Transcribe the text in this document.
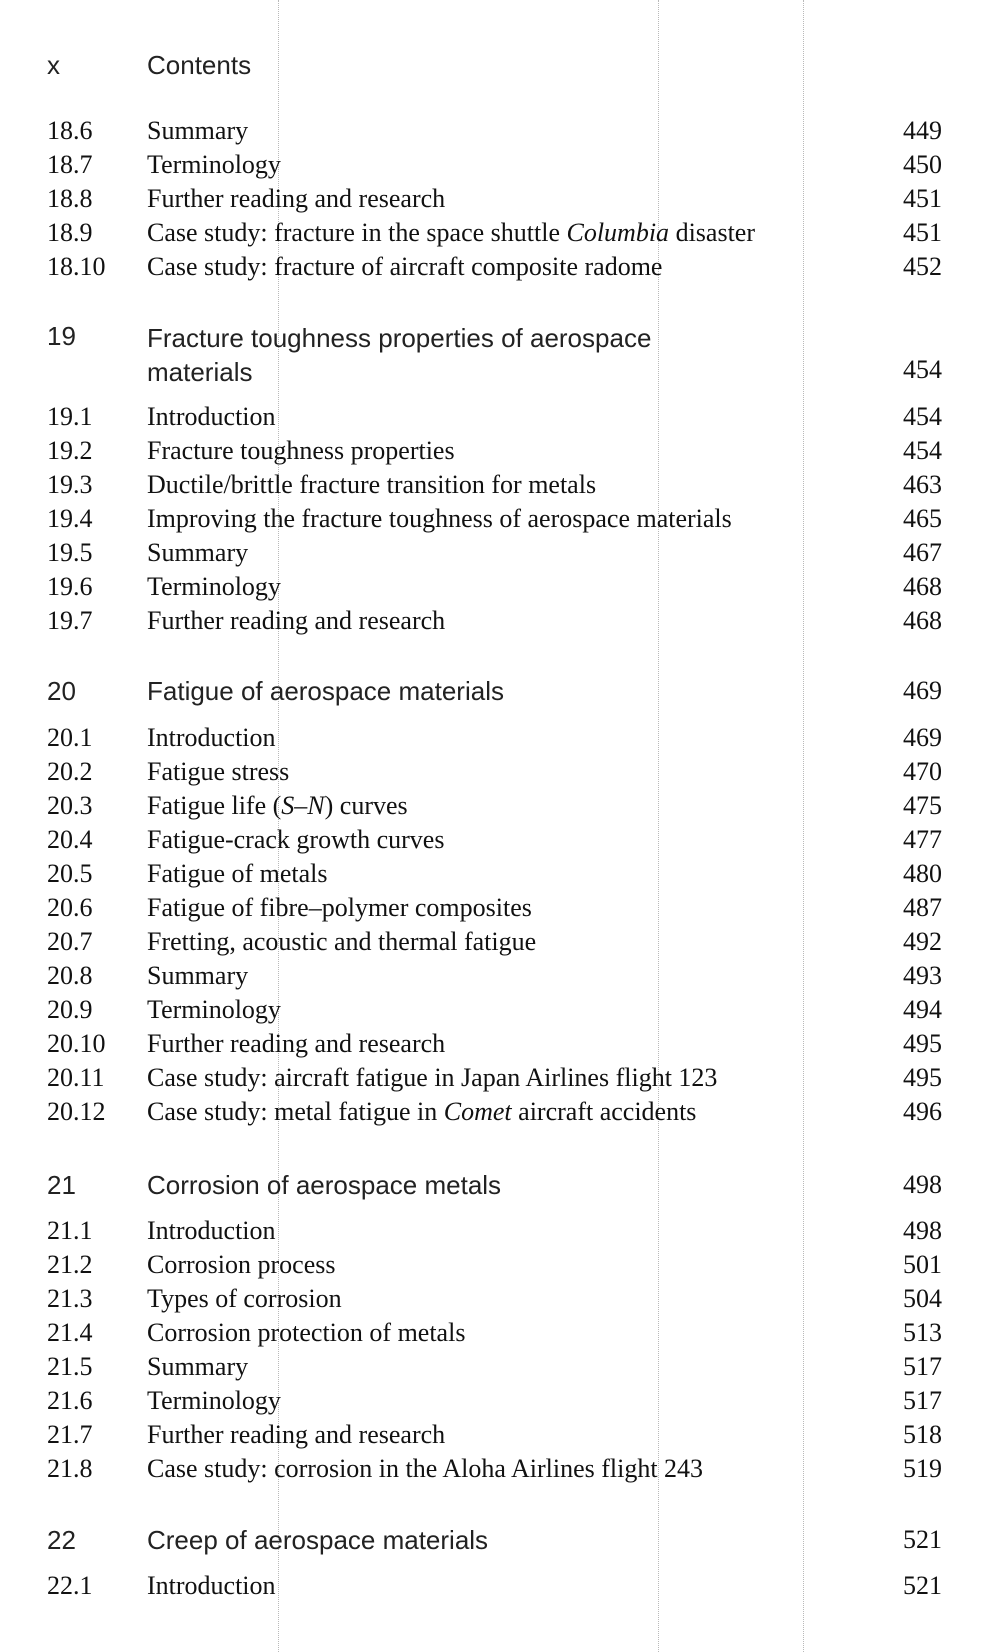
x	Contents
18.6 Summary	449
18.7 Terminology	450
18.8 Further reading and research	451
18.9 Case study: fracture in the space shuttle Columbia disaster	451
18.10 Case study: fracture of aircraft composite radome	452
19	Fracture toughness properties of aerospace
materials	454
19.1 Introduction	454
19.2 Fracture toughness properties	454
19.3 Ductile/brittle fracture transition for metals	463
19.4 Improving the fracture toughness of aerospace materials	465
19.5 Summary	467
19.6 Terminology	468
19.7 Further reading and research	468
20	Fatigue of aerospace materials	469
20.1 Introduction	469
20.2 Fatigue stress	470
20.3 Fatigue life (S–N) curves	475
20.4 Fatigue-crack growth curves	477
20.5 Fatigue of metals	480
20.6 Fatigue of fibre–polymer composites	487
20.7 Fretting, acoustic and thermal fatigue	492
20.8 Summary	493
20.9 Terminology	494
20.10 Further reading and research	495
20.11 Case study: aircraft fatigue in Japan Airlines flight 123	495
20.12 Case study: metal fatigue in Comet aircraft accidents	496
21	Corrosion of aerospace metals	498
21.1 Introduction	498
21.2 Corrosion process	501
21.3 Types of corrosion	504
21.4 Corrosion protection of metals	513
21.5 Summary	517
21.6 Terminology	517
21.7 Further reading and research	518
21.8 Case study: corrosion in the Aloha Airlines flight 243	519
22	Creep of aerospace materials	521
22.1 Introduction	521
